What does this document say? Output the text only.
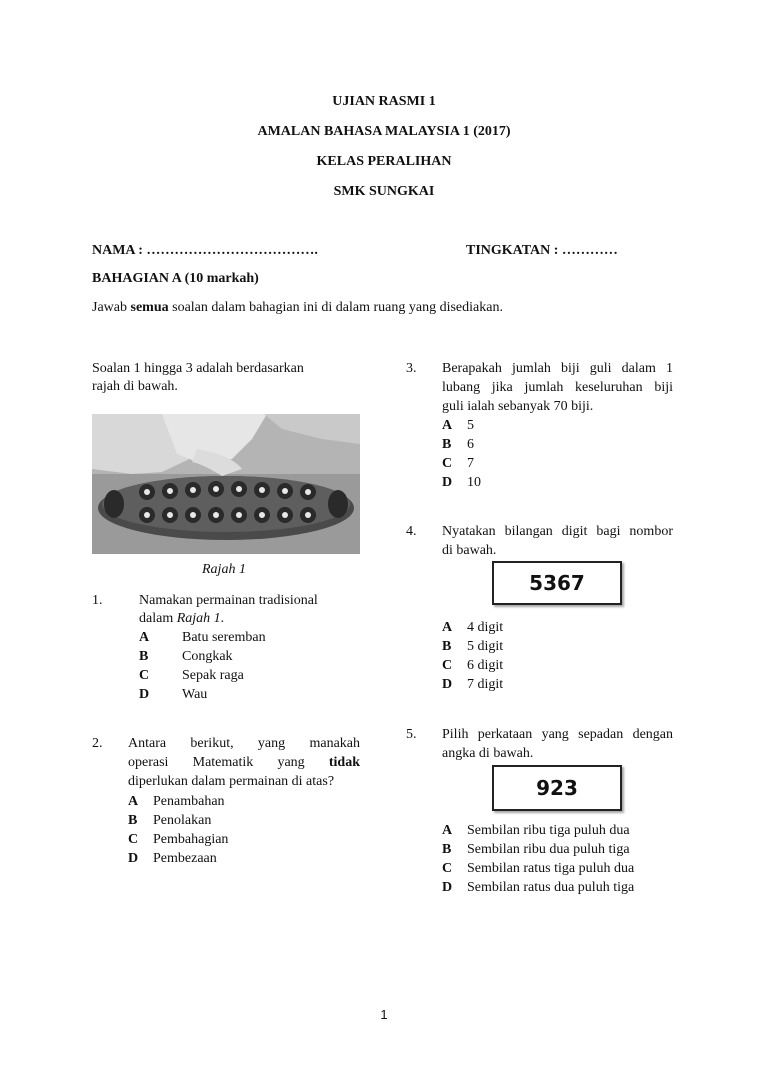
UJIAN RASMI 1
AMALAN BAHASA MALAYSIA 1 (2017)
KELAS PERALIHAN
SMK SUNGKAI
NAMA : ……………………………….	TINGKATAN : …………
BAHAGIAN A (10 markah)
Jawab semua soalan dalam bahagian ini di dalam ruang yang disediakan.
Soalan 1 hingga 3 adalah berdasarkan
rajah di bawah.
Rajah 1
1.	Namakan permainan tradisional
dalam Rajah 1.
A Batu seremban
B Congkak
C Sepak raga
D Wau
2. Antara berikut, yang manakah
operasi Matematik yang tidak
diperlukan dalam permainan di atas?
A Penambahan
B Penolakan
C Pembahagian
D Pembezaan
3. Berapakah jumlah biji guli dalam 1
lubang jika jumlah keseluruhan biji
guli ialah sebanyak 70 biji.
A 5
B 6
C 7
D 10
4. Nyatakan bilangan digit bagi nombor
di bawah.
5367
A 4 digit
B 5 digit
C 6 digit
D 7 digit
5. Pilih perkataan yang sepadan dengan
angka di bawah.
923
A Sembilan ribu tiga puluh dua
B Sembilan ribu dua puluh tiga
C Sembilan ratus tiga puluh dua
D Sembilan ratus dua puluh tiga
1
